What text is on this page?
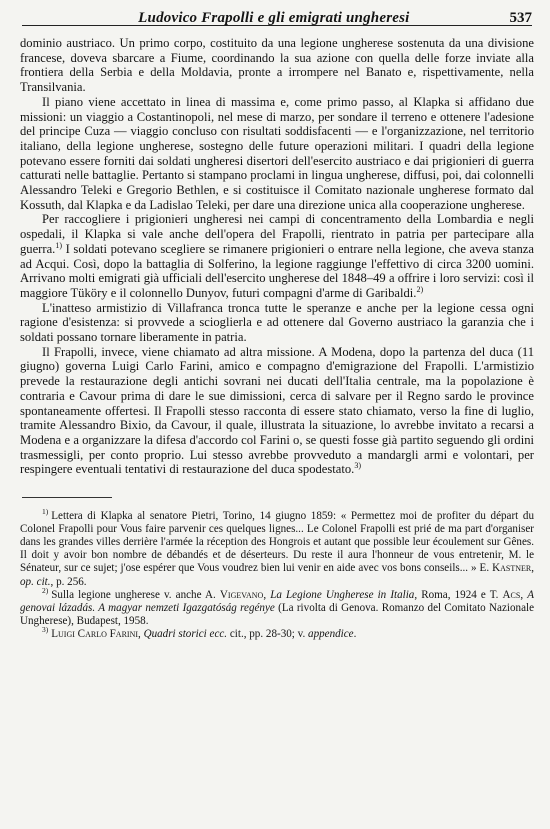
Ludovico Frapolli e gli emigrati ungheresi	537

dominio austriaco. Un primo corpo, costituito da una legione ungherese sostenuta da una divisione francese, doveva sbarcare a Fiume, coordinando la sua azione con quella delle forze inviate alla frontiera della Serbia e della Moldavia, pronte a irrompere nel Banato e, rispettivamente, nella Transilvania.

Il piano viene accettato in linea di massima e, come primo passo, al Klapka si affidano due missioni: un viaggio a Costantinopoli, nel mese di marzo, per sondare il terreno e ottenere l'adesione del principe Cuza — viaggio concluso con risultati soddisfacenti — e l'organizzazione, nel territorio italiano, della legione ungherese, sostegno delle future operazioni militari. I quadri della legione potevano essere forniti dai soldati ungheresi disertori dell'esercito austriaco e dai prigionieri di guerra catturati nelle battaglie. Pertanto si stampano proclami in lingua ungherese, diffusi, poi, dai colonnelli Alessandro Teleki e Gregorio Bethlen, e si costituisce il Comitato nazionale ungherese formato dal Kossuth, dal Klapka e da Ladislao Teleki, per dare una direzione unica alla cooperazione ungherese.

Per raccogliere i prigionieri ungheresi nei campi di concentramento della Lombardia e negli ospedali, il Klapka si vale anche dell'opera del Frapolli, rientrato in patria per partecipare alla guerra.$^{1)}$ I soldati potevano scegliere se rimanere prigionieri o entrare nella legione, che aveva stanza ad Acqui. Così, dopo la battaglia di Solferino, la legione raggiunge l'effettivo di circa 3200 uomini. Arrivano molti emigrati già ufficiali dell'esercito ungherese del 1848–49 a offrire i loro servizi: così il maggiore Tüköry e il colonnello Dunyov, futuri compagni d'arme di Garibaldi.$^{2)}$

L'inatteso armistizio di Villafranca tronca tutte le speranze e anche per la legione cessa ogni ragione d'esistenza: si provvede a scioglierla e ad ottenere dal Governo austriaco la garanzia che i soldati possano tornare liberamente in patria.

Il Frapolli, invece, viene chiamato ad altra missione. A Modena, dopo la partenza del duca (11 giugno) governa Luigi Carlo Farini, amico e compagno d'emigrazione del Frapolli. L'armistizio prevede la restaurazione degli antichi sovrani nei ducati dell'Italia centrale, ma la popolazione è contraria e Cavour prima di dare le sue dimissioni, cerca di salvare per il Regno sardo le province spontaneamente offertesi. Il Frapolli stesso racconta di essere stato chiamato, verso la fine di luglio, tramite Alessandro Bixio, da Cavour, il quale, illustrata la situazione, lo avrebbe invitato a recarsi a Modena e a organizzare la difesa d'accordo col Farini o, se questi fosse già partito seguendo gli ordini trasmessigli, per conto proprio. Lui stesso avrebbe provveduto a mandargli armi e volontari, per respingere eventuali tentativi di restaurazione del duca spodestato.$^{3)}$

$^{1)}$ Lettera di Klapka al senatore Pietri, Torino, 14 giugno 1859: « Permettez moi de profiter du départ du Colonel Frapolli pour Vous faire parvenir ces quelques lignes... Le Colonel Frapolli est prié de ma part d'organiser dans les grandes villes derrière l'armée la réception des Hongrois et autant que possible leur écoulement sur Gênes. Il doit y avoir bon nombre de débandés et de déserteurs. Du reste il aura l'honneur de vous entretenir, M. le Sénateur, sur ce sujet; j'ose espérer que Vous voudrez bien lui venir en aide avec vos bons conseils... » E. Kastner, op. cit., p. 256.

$^{2)}$ Sulla legione ungherese v. anche A. Vigevano, La Legione Ungherese in Italia, Roma, 1924 e T. Acs, A genovai lázadás. A magyar nemzeti Igazgatóság regénye (La rivolta di Genova. Romanzo del Comitato Nazionale Ungherese), Budapest, 1958.

$^{3)}$ Luigi Carlo Farini, Quadri storici ecc. cit., pp. 28-30; v. appendice.
